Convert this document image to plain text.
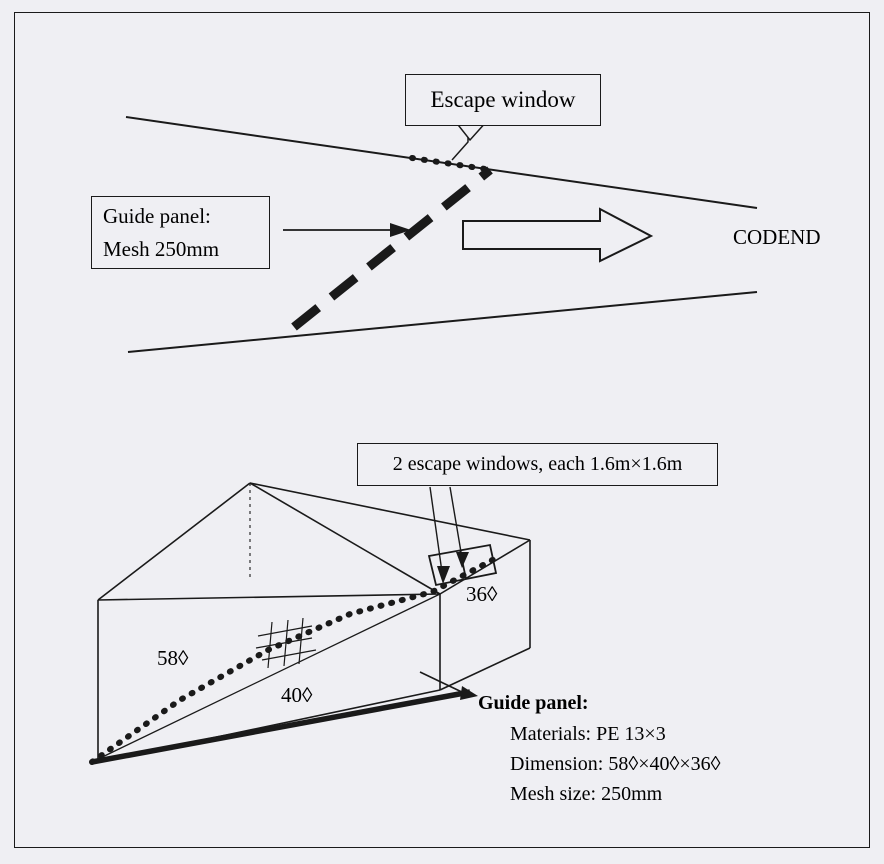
Escape window
Guide panel:
Mesh 250mm	CODEND
2 escape windows, each 1.6m×1.6m
58◊
40◊
36◊
Guide panel:
Materials: PE 13×3
Dimension: 58◊×40◊×36◊
Mesh size: 250mm
